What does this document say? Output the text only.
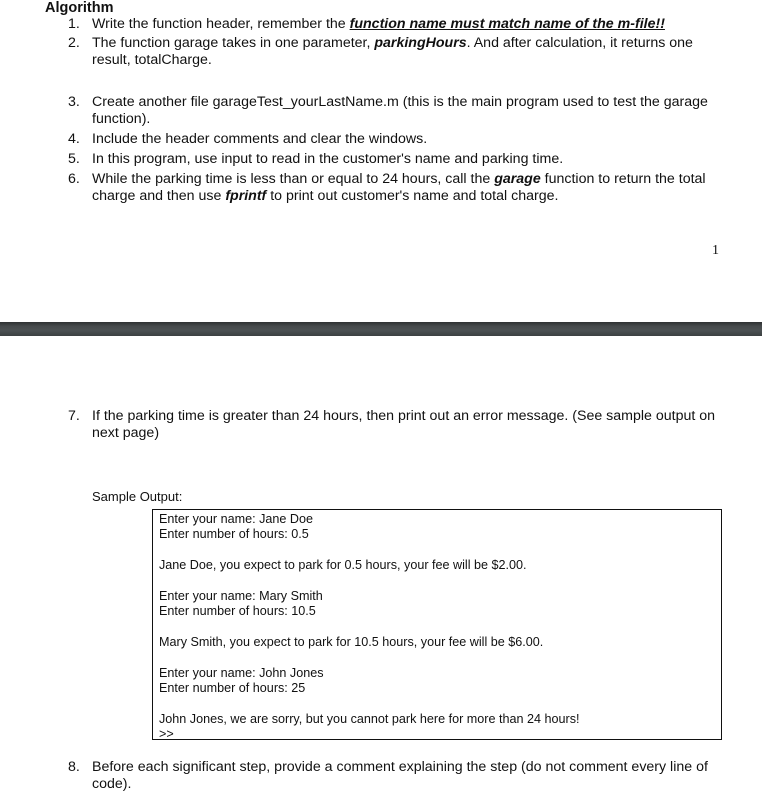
Algorithm
1. Write the function header, remember the function name must match name of the m-file!!
2. The function garage takes in one parameter, parkingHours. And after calculation, it returns one result, totalCharge.
3. Create another file garageTest_yourLastName.m (this is the main program used to test the garage function).
4. Include the header comments and clear the windows.
5. In this program, use input to read in the customer's name and parking time.
6. While the parking time is less than or equal to 24 hours, call the garage function to return the total charge and then use fprintf to print out customer's name and total charge.
1
7. If the parking time is greater than 24 hours, then print out an error message. (See sample output on next page)
Sample Output:
Enter your name: Jane Doe
Enter number of hours: 0.5
Jane Doe, you expect to park for 0.5 hours, your fee will be $2.00.
Enter your name: Mary Smith
Enter number of hours: 10.5
Mary Smith, you expect to park for 10.5 hours, your fee will be $6.00.
Enter your name: John Jones
Enter number of hours: 25
John Jones, we are sorry, but you cannot park here for more than 24 hours!
>>
8. Before each significant step, provide a comment explaining the step (do not comment every line of code).
